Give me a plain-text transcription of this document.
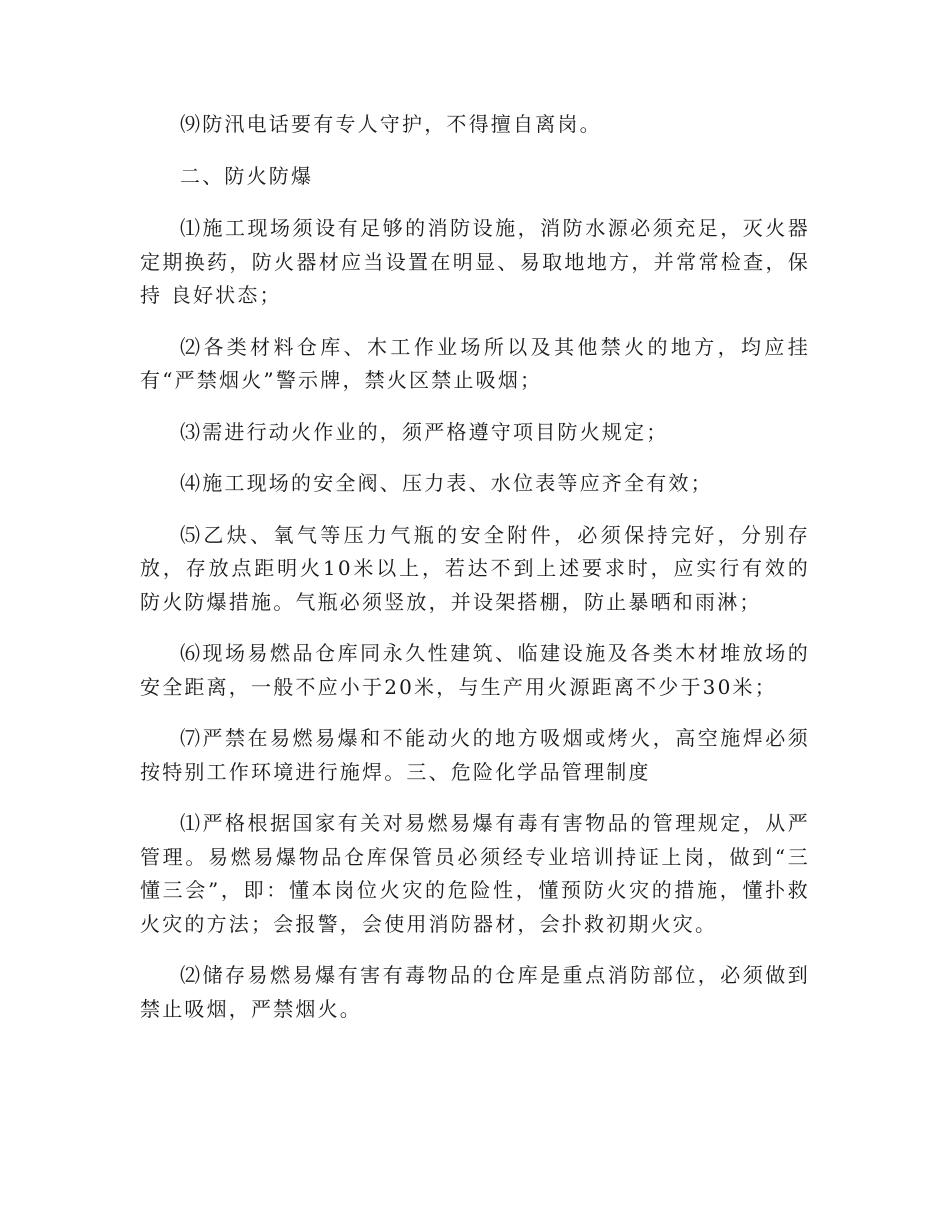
⑼防汛电话要有专人守护，不得擅自离岗。

二、防火防爆

⑴施工现场须设有足够的消防设施，消防水源必须充足，灭火器定期换药，防火器材应当设置在明显、易取地地方，并常常检查，保持 良好状态；

⑵各类材料仓库、木工作业场所以及其他禁火的地方，均应挂有“严禁烟火”警示牌，禁火区禁止吸烟；

⑶需进行动火作业的，须严格遵守项目防火规定；

⑷施工现场的安全阀、压力表、水位表等应齐全有效；

⑸乙炔、氧气等压力气瓶的安全附件，必须保持完好，分别存放，存放点距明火10米以上，若达不到上述要求时，应实行有效的防火防爆措施。气瓶必须竖放，并设架搭棚，防止暴晒和雨淋；

⑹现场易燃品仓库同永久性建筑、临建设施及各类木材堆放场的安全距离，一般不应小于20米，与生产用火源距离不少于30米；

⑺严禁在易燃易爆和不能动火的地方吸烟或烤火，高空施焊必须按特别工作环境进行施焊。三、危险化学品管理制度

⑴严格根据国家有关对易燃易爆有毒有害物品的管理规定，从严管理。易燃易爆物品仓库保管员必须经专业培训持证上岗，做到“三懂三会”，即：懂本岗位火灾的危险性，懂预防火灾的措施，懂扑救火灾的方法；会报警，会使用消防器材，会扑救初期火灾。

⑵储存易燃易爆有害有毒物品的仓库是重点消防部位，必须做到禁止吸烟，严禁烟火。
